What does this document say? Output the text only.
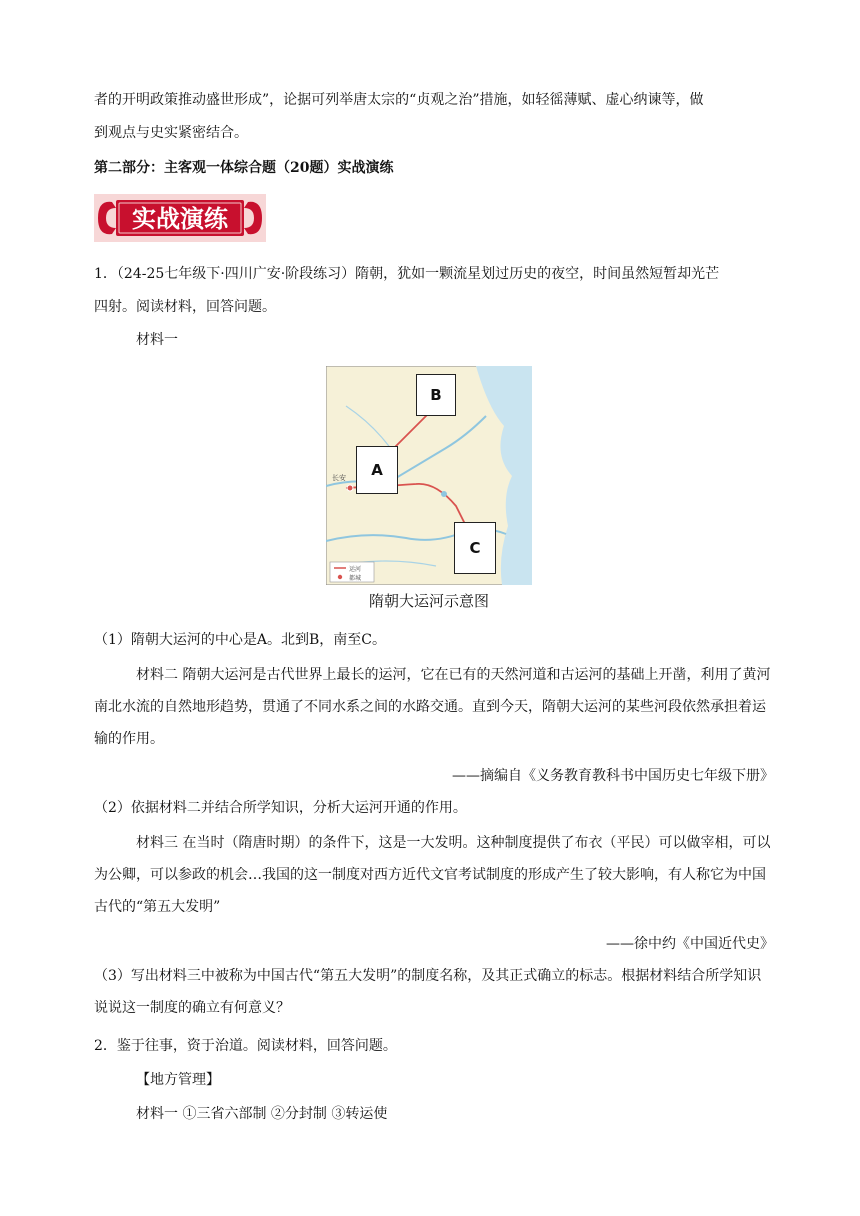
者的开明政策推动盛世形成”，论据可列举唐太宗的“贞观之治”措施，如轻徭薄赋、虚心纳谏等，做

到观点与史实紧密结合。

第二部分：主客观一体综合题（20题）实战演练

实战演练

1．（24-25七年级下·四川广安·阶段练习）隋朝，犹如一颗流星划过历史的夜空，时间虽然短暂却光芒

四射。阅读材料，回答问题。

材料一

长安
运河
都城
B
A
C
隋朝大运河示意图

（1）隋朝大运河的中心是A。北到B，南至C。

材料二 隋朝大运河是古代世界上最长的运河，它在已有的天然河道和古运河的基础上开凿，利用了黄河南北水流的自然地形趋势，贯通了不同水系之间的水路交通。直到今天，隋朝大运河的某些河段依然承担着运输的作用。

——摘编自《义务教育教科书中国历史七年级下册》

（2）依据材料二并结合所学知识，分析大运河开通的作用。

材料三 在当时（隋唐时期）的条件下，这是一大发明。这种制度提供了布衣（平民）可以做宰相，可以为公卿，可以参政的机会…我国的这一制度对西方近代文官考试制度的形成产生了较大影响，有人称它为中国古代的“第五大发明”

——徐中约《中国近代史》

（3）写出材料三中被称为中国古代“第五大发明”的制度名称，及其正式确立的标志。根据材料结合所学知识说说这一制度的确立有何意义？

2．鉴于往事，资于治道。阅读材料，回答问题。

【地方管理】

材料一 ①三省六部制 ②分封制 ③转运使
